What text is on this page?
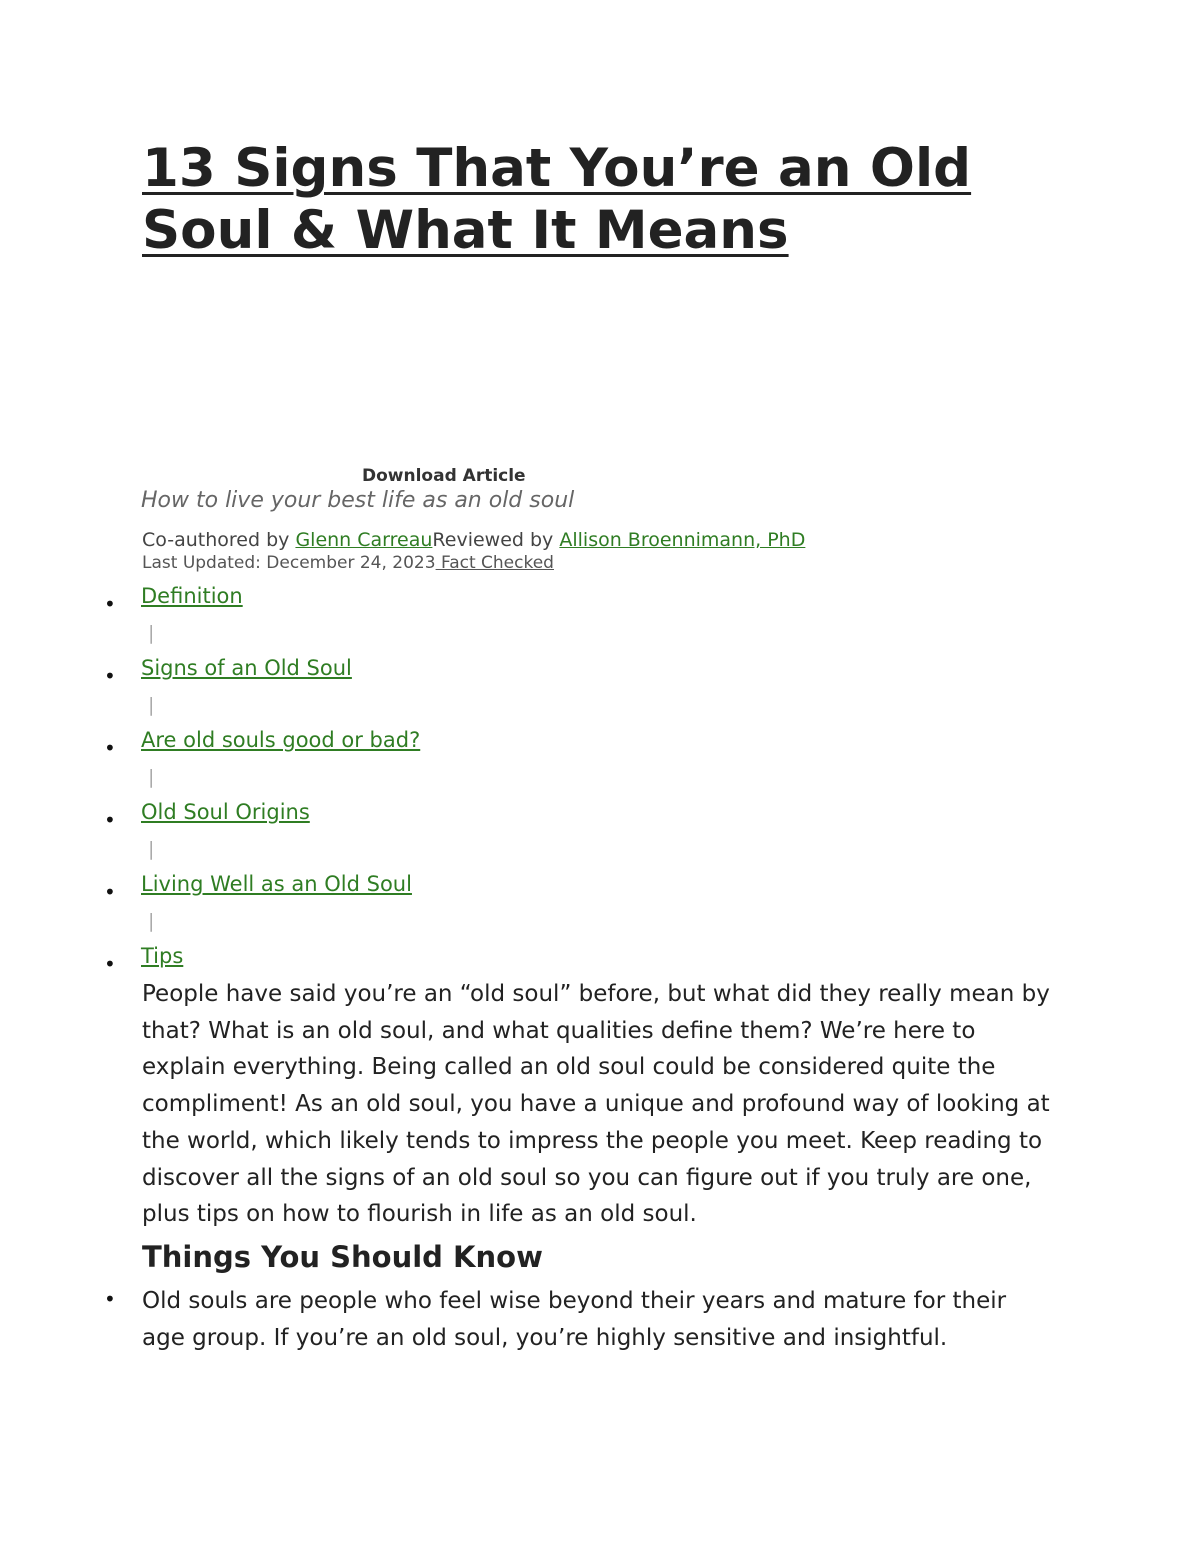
13 Signs That You’re an Old Soul & What It Means
Download Article
How to live your best life as an old soul
Co-authored by Glenn CarreauReviewed by Allison Broennimann, PhD
Last Updated: December 24, 2023 Fact Checked
• Definition
|
• Signs of an Old Soul
|
• Are old souls good or bad?
|
• Old Soul Origins
|
• Living Well as an Old Soul
|
• Tips

People have said you’re an “old soul” before, but what did they really mean by that? What is an old soul, and what qualities define them? We’re here to explain everything. Being called an old soul could be considered quite the compliment! As an old soul, you have a unique and profound way of looking at the world, which likely tends to impress the people you meet. Keep reading to discover all the signs of an old soul so you can figure out if you truly are one, plus tips on how to flourish in life as an old soul.

Things You Should Know
• Old souls are people who feel wise beyond their years and mature for their age group. If you’re an old soul, you’re highly sensitive and insightful.
